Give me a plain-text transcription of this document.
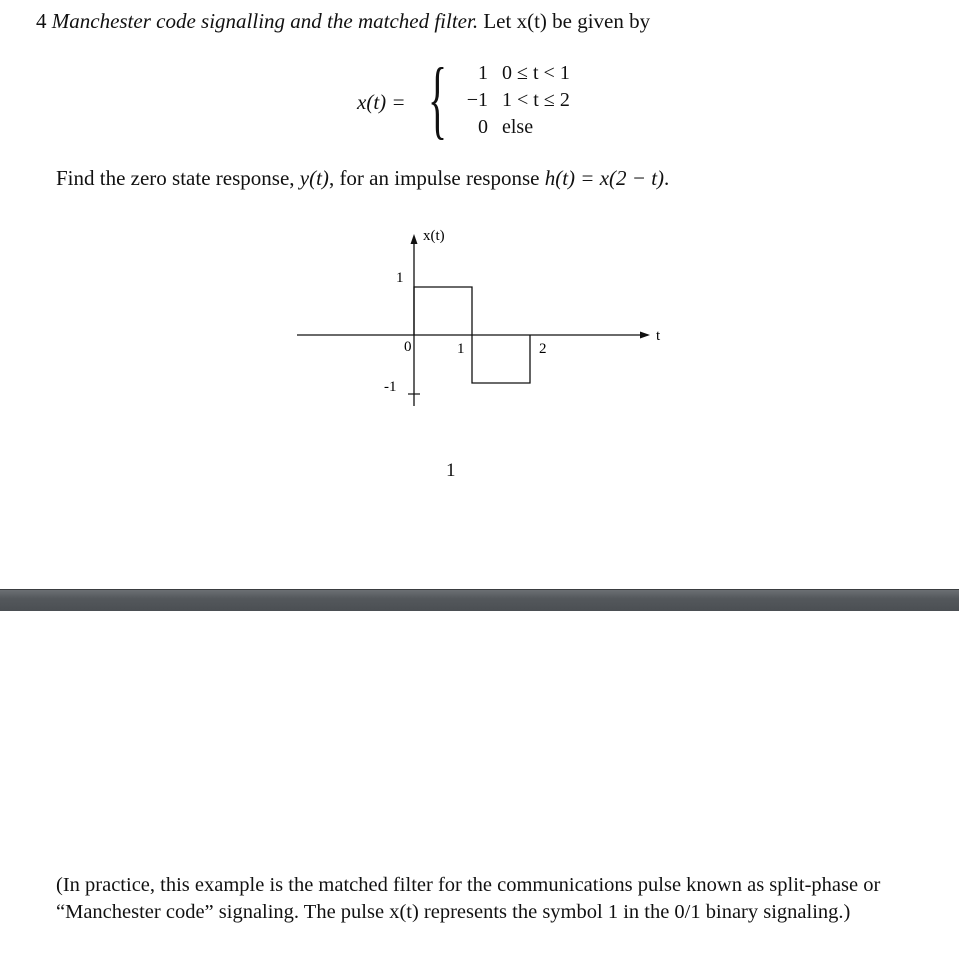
4 Manchester code signalling and the matched filter. Let x(t) be given by
x(t) = {	1 0 ≤ t < 1
−1 1 < t ≤ 2
0 else
Find the zero state response, y(t), for an impulse response h(t) = x(2 − t).
x(t)
t
1
-1
0	1	2
1
(In practice, this example is the matched filter for the communications pulse known as split-phase or “Manchester code” signaling. The pulse x(t) represents the symbol 1 in the 0/1 binary signaling.)
